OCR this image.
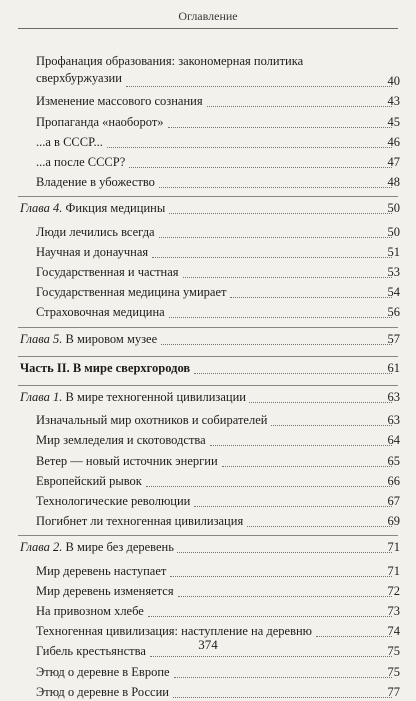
Оглавление
Профанация образования: закономерная политика
сверхбуржуазии	40
Изменение массового сознания	43
Пропаганда «наоборот»	45
...а в СССР...	46
...а после СССР?	47
Владение в убожество	48
Глава 4. Фикция медицины	50
Люди лечились всегда	50
Научная и донаучная	51
Государственная и частная	53
Государственная медицина умирает	54
Страховочная медицина	56
Глава 5. В мировом музее	57
Часть II. В мире сверхгородов	61
Глава 1. В мире техногенной цивилизации	63
Изначальный мир охотников и собирателей	63
Мир земледелия и скотоводства	64
Ветер — новый источник энергии	65
Европейский рывок	66
Технологические революции	67
Погибнет ли техногенная цивилизация	69
Глава 2. В мире без деревень	71
Мир деревень наступает	71
Мир деревень изменяется	72
На привозном хлебе	73
Техногенная цивилизация: наступление на деревню	74
Гибель крестьянства	75
Этюд о деревне в Европе	75
Этюд о деревне в России	77
374
